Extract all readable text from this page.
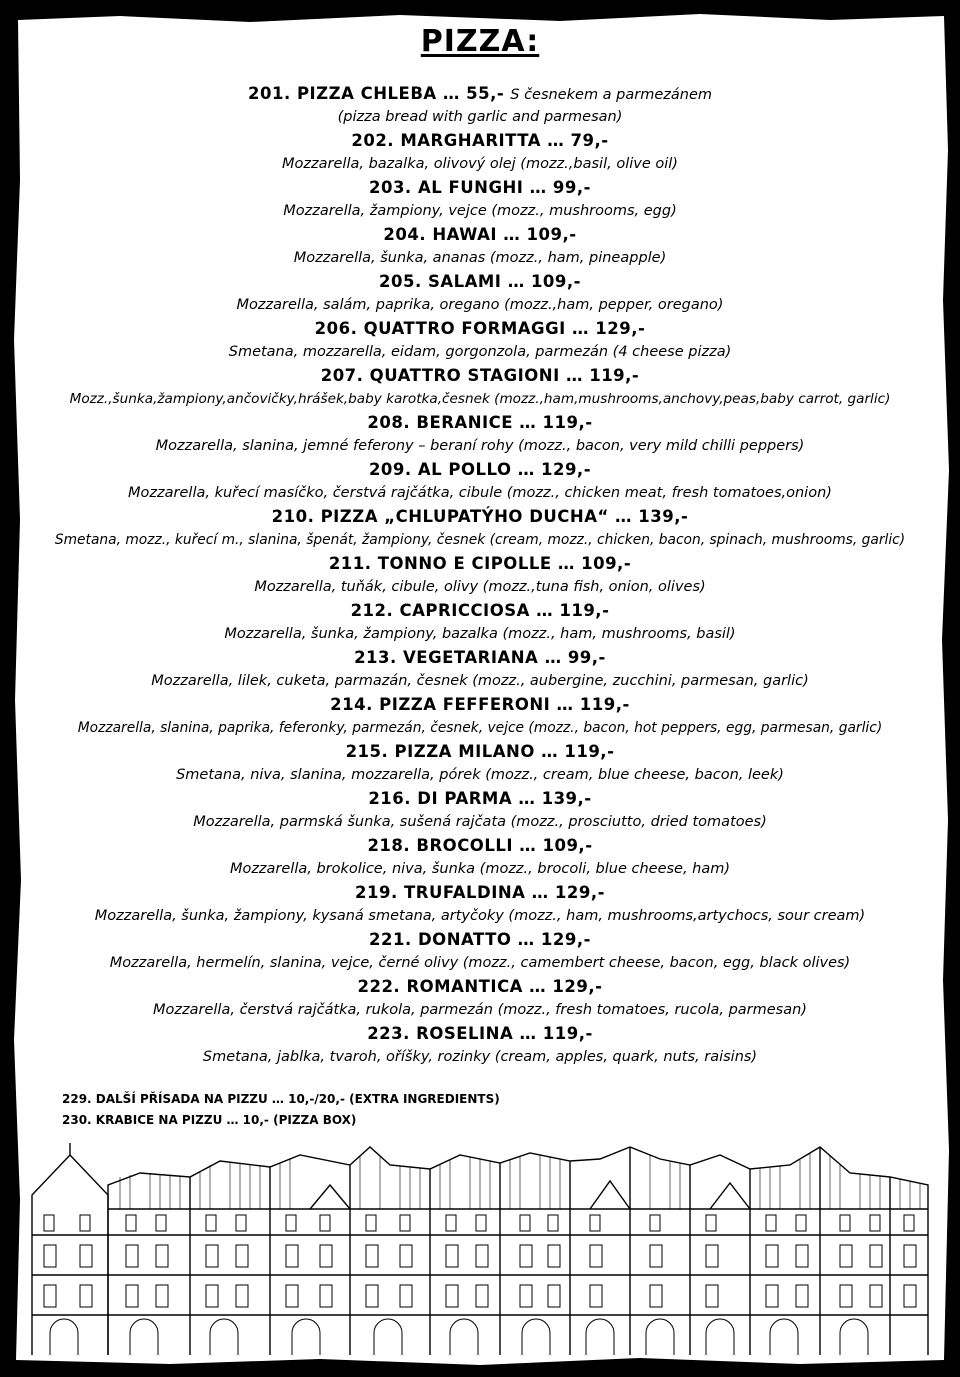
PIZZA:
201. PIZZA CHLEBA … 55,- S česnekem a parmezánem
(pizza bread with garlic and parmesan)
202. MARGHARITTA … 79,-
Mozzarella, bazalka, olivový olej (mozz.,basil, olive oil)
203. AL FUNGHI … 99,-
Mozzarella, žampiony, vejce (mozz., mushrooms, egg)
204. HAWAI … 109,-
Mozzarella, šunka, ananas (mozz., ham, pineapple)
205. SALAMI … 109,-
Mozzarella, salám, paprika, oregano (mozz.,ham, pepper, oregano)
206. QUATTRO FORMAGGI … 129,-
Smetana, mozzarella, eidam, gorgonzola, parmezán (4 cheese pizza)
207. QUATTRO STAGIONI … 119,-
Mozz.,šunka,žampiony,ančovičky,hrášek,baby karotka,česnek (mozz.,ham,mushrooms,anchovy,peas,baby carrot, garlic)
208. BERANICE … 119,-
Mozzarella, slanina, jemné feferony – beraní rohy (mozz., bacon, very mild chilli peppers)
209. AL POLLO … 129,-
Mozzarella, kuřecí masíčko, čerstvá rajčátka, cibule (mozz., chicken meat, fresh tomatoes,onion)
210. PIZZA „CHLUPATÝHO DUCHA“ … 139,-
Smetana, mozz., kuřecí m., slanina, špenát, žampiony, česnek (cream, mozz., chicken, bacon, spinach, mushrooms, garlic)
211. TONNO E CIPOLLE … 109,-
Mozzarella, tuňák, cibule, olivy (mozz.,tuna fish, onion, olives)
212. CAPRICCIOSA … 119,-
Mozzarella, šunka, žampiony, bazalka (mozz., ham, mushrooms, basil)
213. VEGETARIANA … 99,-
Mozzarella, lilek, cuketa, parmazán, česnek (mozz., aubergine, zucchini, parmesan, garlic)
214. PIZZA FEFFERONI … 119,-
Mozzarella, slanina, paprika, feferonky, parmezán, česnek, vejce (mozz., bacon, hot peppers, egg, parmesan, garlic)
215. PIZZA MILANO … 119,-
Smetana, niva, slanina, mozzarella, pórek (mozz., cream, blue cheese, bacon, leek)
216. DI PARMA … 139,-
Mozzarella, parmská šunka, sušená rajčata (mozz., prosciutto, dried tomatoes)
218. BROCOLLI … 109,-
Mozzarella, brokolice, niva, šunka (mozz., brocoli, blue cheese, ham)
219. TRUFALDINA … 129,-
Mozzarella, šunka, žampiony, kysaná smetana, artyčoky (mozz., ham, mushrooms,artychocs, sour cream)
221. DONATTO … 129,-
Mozzarella, hermelín, slanina, vejce, černé olivy (mozz., camembert cheese, bacon, egg, black olives)
222. ROMANTICA … 129,-
Mozzarella, čerstvá rajčátka, rukola, parmezán (mozz., fresh tomatoes, rucola, parmesan)
223. ROSELINA … 119,-
Smetana, jablka, tvaroh, oříšky, rozinky (cream, apples, quark, nuts, raisins)
229. DALŠÍ PŘÍSADA NA PIZZU … 10,-/20,- (EXTRA INGREDIENTS)
230. KRABICE NA PIZZU … 10,- (PIZZA BOX)
